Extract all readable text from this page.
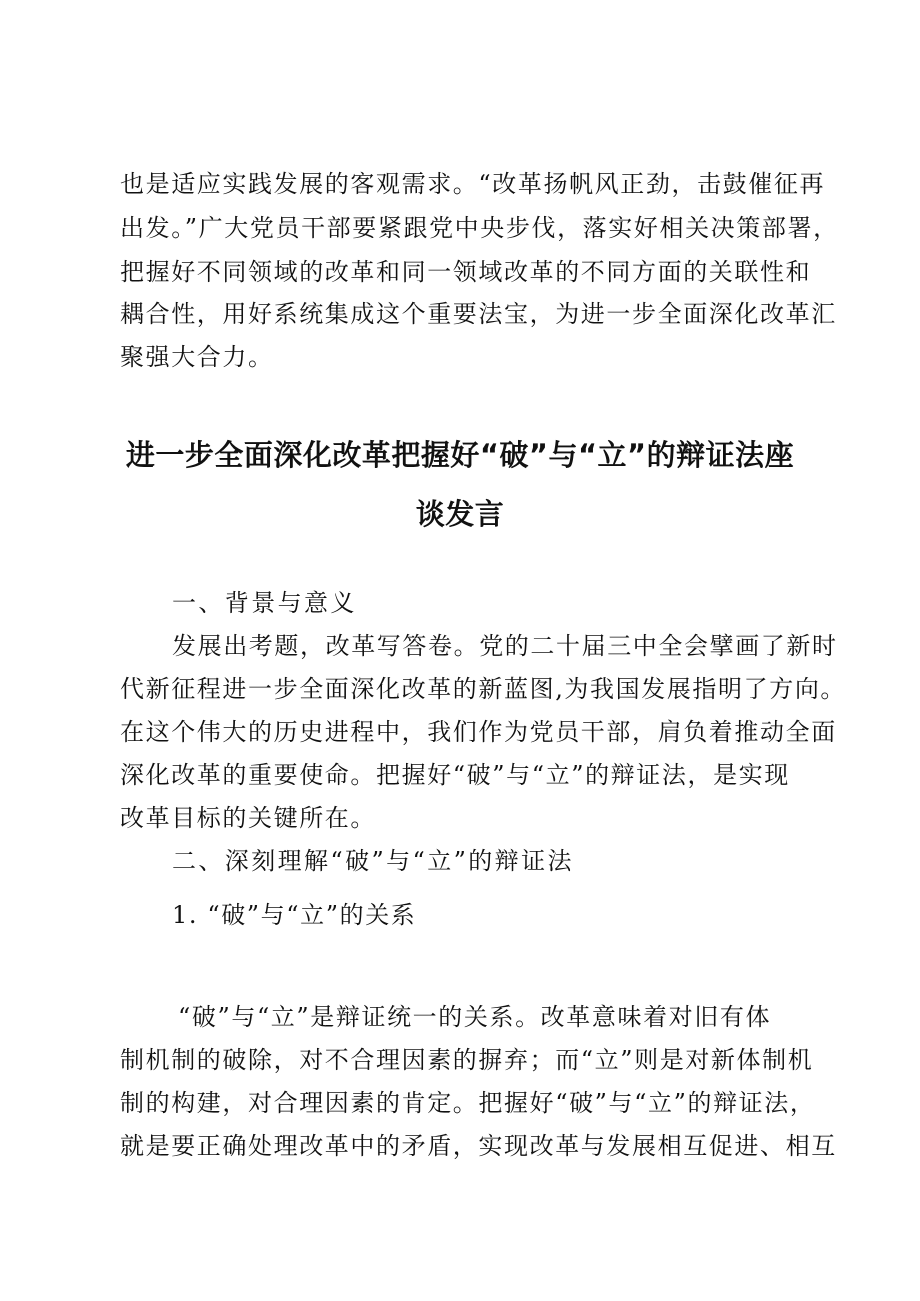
也是适应实践发展的客观需求。“改革扬帆风正劲，击鼓催征再

出发。”广大党员干部要紧跟党中央步伐，落实好相关决策部署，

把握好不同领域的改革和同一领域改革的不同方面的关联性和

耦合性，用好系统集成这个重要法宝，为进一步全面深化改革汇

聚强大合力。

进一步全面深化改革把握好“破”与“立”的辩证法座
谈发言

一、背景与意义

发展出考题，改革写答卷。党的二十届三中全会擘画了新时

代新征程进一步全面深化改革的新蓝图,为我国发展指明了方向。

在这个伟大的历史进程中，我们作为党员干部，肩负着推动全面

深化改革的重要使命。把握好“破”与“立”的辩证法，是实现

改革目标的关键所在。

二、深刻理解“破”与“立”的辩证法

1. “破”与“立”的关系

“破”与“立”是辩证统一的关系。改革意味着对旧有体

制机制的破除，对不合理因素的摒弃；而“立”则是对新体制机

制的构建，对合理因素的肯定。把握好“破”与“立”的辩证法，

就是要正确处理改革中的矛盾，实现改革与发展相互促进、相互
